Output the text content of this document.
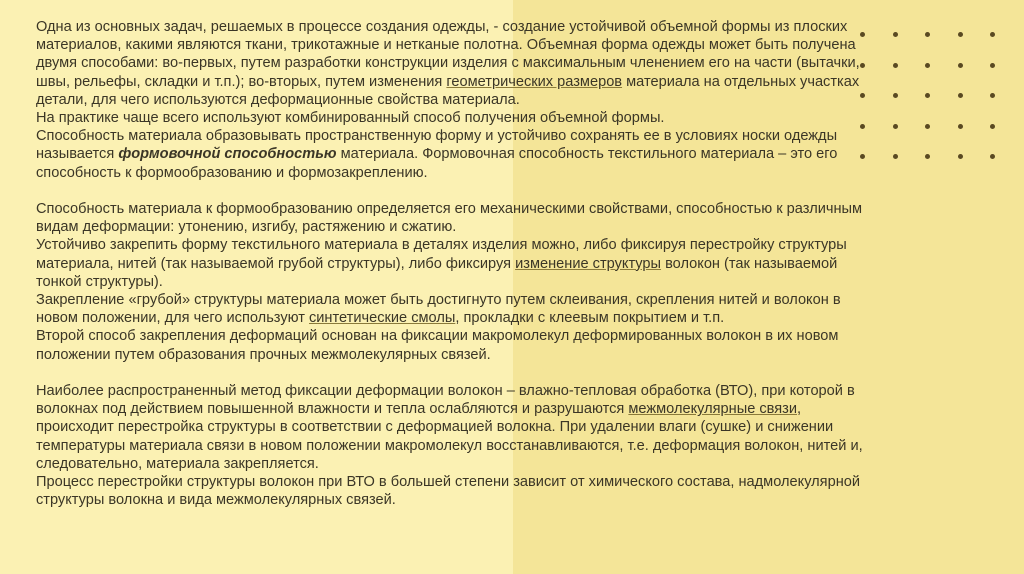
Одна из основных задач, решаемых в процессе создания одежды, - создание устойчивой объемной формы из плоских материалов, какими являются ткани, трикотажные и нетканые полотна. Объемная форма одежды может быть получена двумя способами: во-первых, путем разработки конструкции изделия с максимальным членением его на части (вытачки, швы, рельефы, складки и т.п.); во-вторых, путем изменения геометрических размеров материала на отдельных участках детали, для чего используются деформационные свойства материала.

На практике чаще всего используют комбинированный способ получения объемной формы.

Способность материала образовывать пространственную форму и устойчиво сохранять ее в условиях носки одежды называется формовочной способностью материала. Формовочная способность текстильного материала – это его способность к формообразованию и формозакреплению.

Способность материала к формообразованию определяется его механическими свойствами, способностью к различным видам деформации: утонению, изгибу, растяжению и сжатию.

Устойчиво закрепить форму текстильного материала в деталях изделия можно, либо фиксируя перестройку структуры материала, нитей (так называемой грубой структуры), либо фиксируя изменение структуры волокон (так называемой тонкой структуры).

Закрепление «грубой» структуры материала может быть достигнуто путем склеивания, скрепления нитей и волокон в новом положении, для чего используют синтетические смолы, прокладки с клеевым покрытием и т.п.

Второй способ закрепления деформаций основан на фиксации макромолекул деформированных волокон в их новом положении путем образования прочных межмолекулярных связей.

Наиболее распространенный метод фиксации деформации волокон – влажно-тепловая обработка (ВТО), при которой в волокнах под действием повышенной влажности и тепла ослабляются и разрушаются межмолекулярные связи, происходит перестройка структуры в соответствии с деформацией волокна. При удалении влаги (сушке) и снижении температуры материала связи в новом положении макромолекул восстанавливаются, т.е. деформация волокон, нитей и, следовательно, материала закрепляется.

Процесс перестройки структуры волокон при ВТО в большей степени зависит от химического состава, надмолекулярной структуры волокна и вида межмолекулярных связей.
